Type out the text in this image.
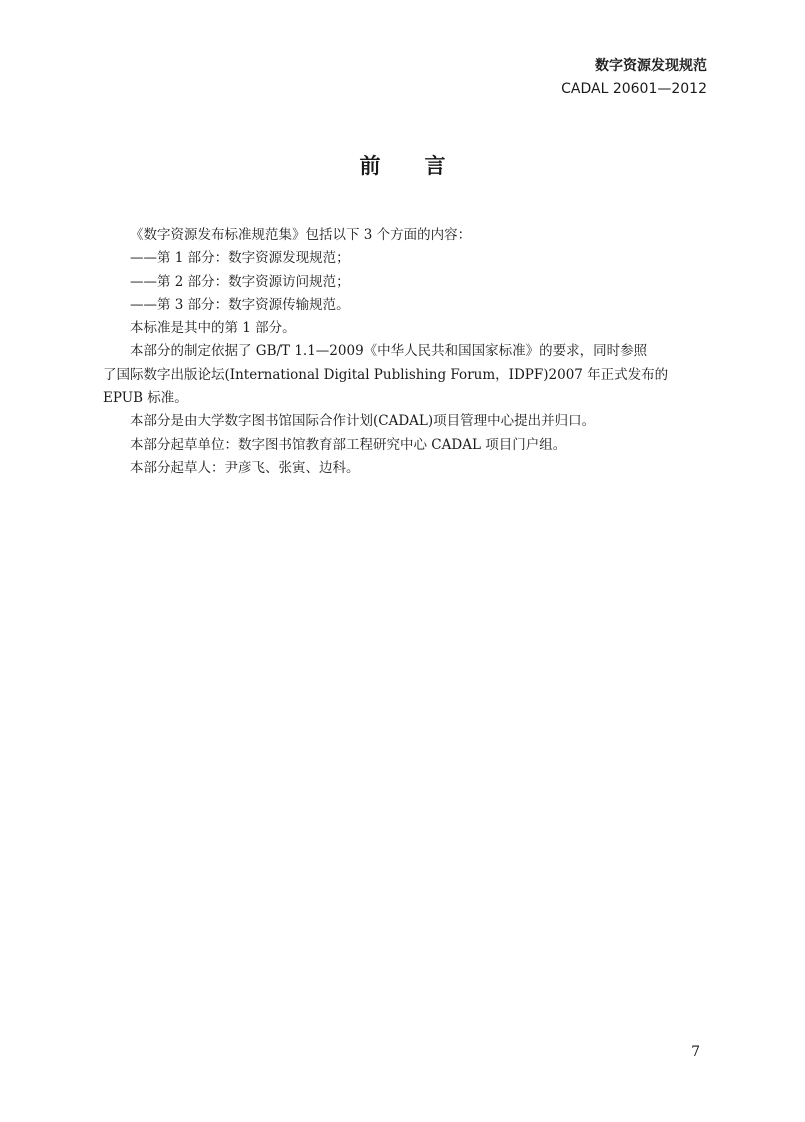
数字资源发现规范
CADAL 20601—2012
前言

《数字资源发布标准规范集》包括以下 3 个方面的内容：

——第 1 部分：数字资源发现规范；

——第 2 部分：数字资源访问规范；

——第 3 部分：数字资源传输规范。

本标准是其中的第 1 部分。

本部分的制定依据了 GB/T 1.1—2009《中华人民共和国国家标准》的要求，同时参照

了国际数字出版论坛(International Digital Publishing Forum，IDPF)2007 年正式发布的

EPUB 标准。

本部分是由大学数字图书馆国际合作计划(CADAL)项目管理中心提出并归口。

本部分起草单位：数字图书馆教育部工程研究中心 CADAL 项目门户组。

本部分起草人：尹彦飞、张寅、边科。

7
